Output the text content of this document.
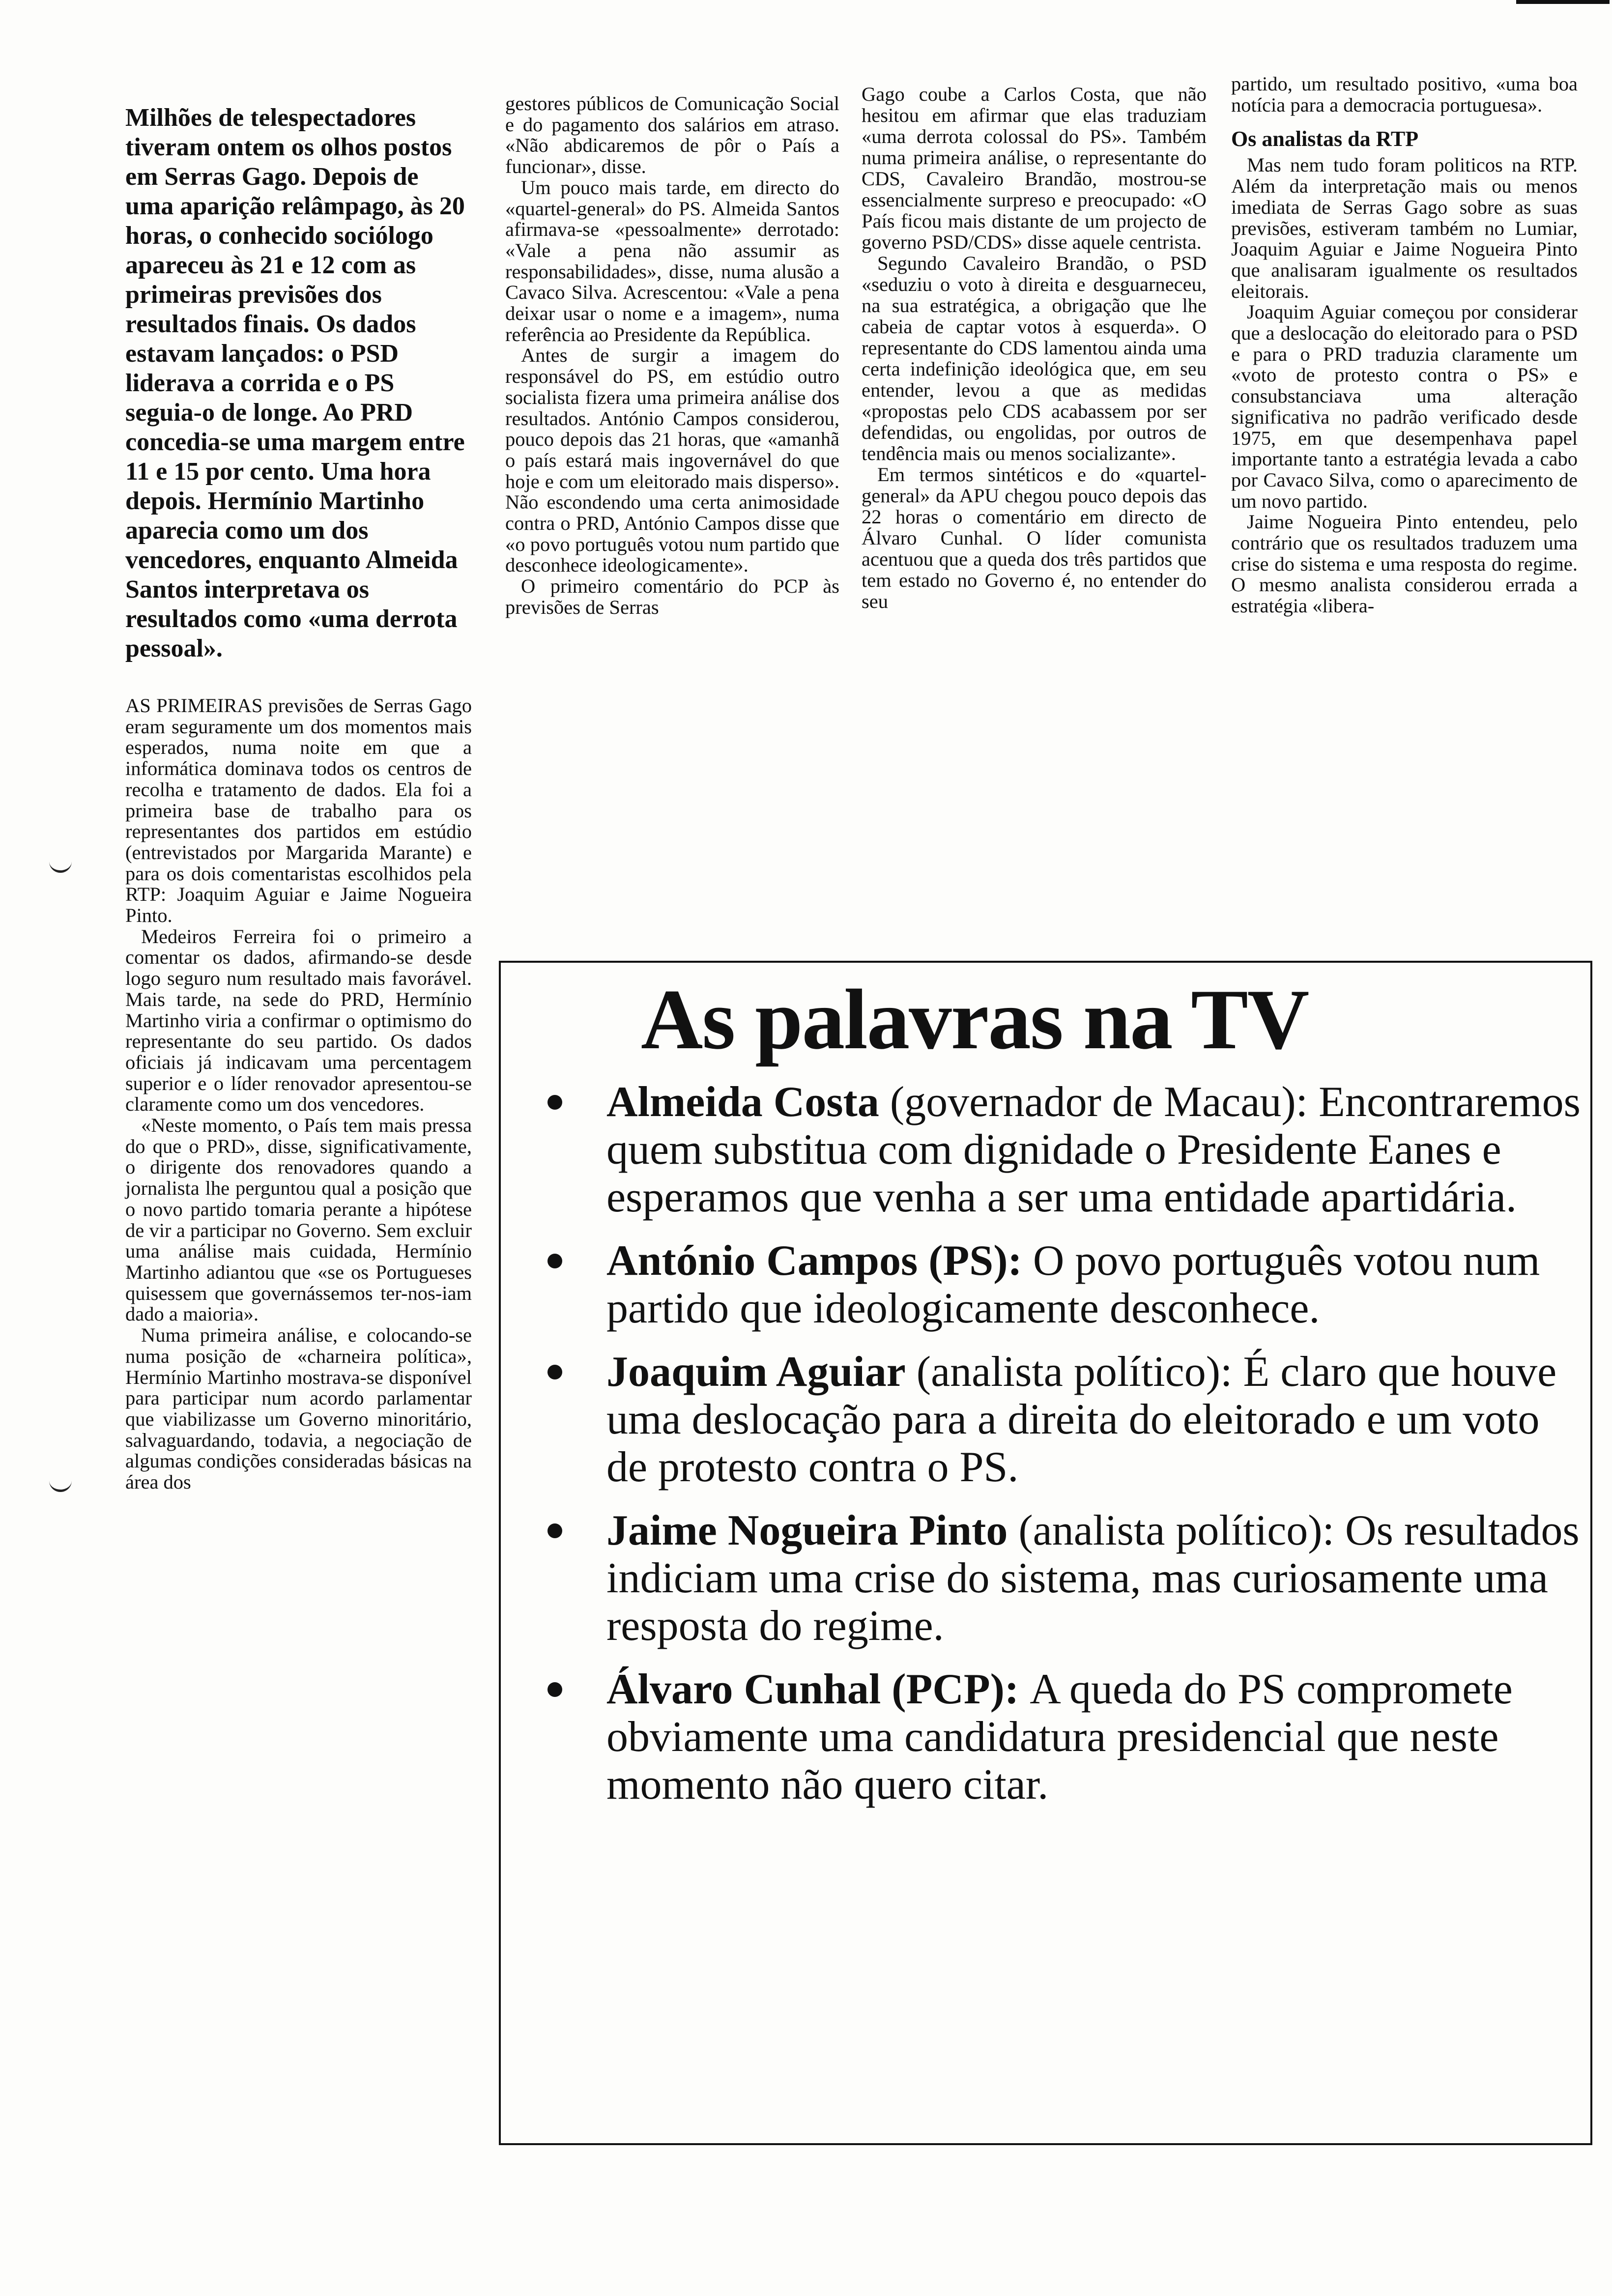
Milhões de telespectadores tiveram ontem os olhos postos em Serras Gago. Depois de uma aparição relâmpago, às 20 horas, o conhecido sociólogo apareceu às 21 e 12 com as primeiras previsões dos resultados finais. Os dados estavam lançados: o PSD liderava a corrida e o PS seguia-o de longe. Ao PRD concedia-se uma margem entre 11 e 15 por cento. Uma hora depois. Hermínio Martinho aparecia como um dos vencedores, enquanto Almeida Santos interpretava os resultados como «uma derrota pessoal».

AS PRIMEIRAS previsões de Serras Gago eram seguramente um dos momentos mais esperados, numa noite em que a informática dominava todos os centros de recolha e tratamento de dados. Ela foi a primeira base de trabalho para os representantes dos partidos em estúdio (entrevistados por Margarida Marante) e para os dois comentaristas escolhidos pela RTP: Joaquim Aguiar e Jaime Nogueira Pinto.

Medeiros Ferreira foi o primeiro a comentar os dados, afirmando-se desde logo seguro num resultado mais favorável. Mais tarde, na sede do PRD, Hermínio Martinho viria a confirmar o optimismo do representante do seu partido. Os dados oficiais já indicavam uma percentagem superior e o líder renovador apresentou-se claramente como um dos vencedores.

«Neste momento, o País tem mais pressa do que o PRD», disse, significativamente, o dirigente dos renovadores quando a jornalista lhe perguntou qual a posição que o novo partido tomaria perante a hipótese de vir a participar no Governo. Sem excluir uma análise mais cuidada, Hermínio Martinho adiantou que «se os Portugueses quisessem que governássemos ter-nos-iam dado a maioria».

Numa primeira análise, e colocando-se numa posição de «charneira política», Hermínio Martinho mostrava-se disponível para participar num acordo parlamentar que viabilizasse um Governo minoritário, salvaguardando, todavia, a negociação de algumas condições consideradas básicas na área dos

gestores públicos de Comunicação Social e do pagamento dos salários em atraso. «Não abdicaremos de pôr o País a funcionar», disse.

Um pouco mais tarde, em directo do «quartel-general» do PS. Almeida Santos afirmava-se «pessoalmente» derrotado: «Vale a pena não assumir as responsabilidades», disse, numa alusão a Cavaco Silva. Acrescentou: «Vale a pena deixar usar o nome e a imagem», numa referência ao Presidente da República.

Antes de surgir a imagem do responsável do PS, em estúdio outro socialista fizera uma primeira análise dos resultados. António Campos considerou, pouco depois das 21 horas, que «amanhã o país estará mais ingovernável do que hoje e com um eleitorado mais disperso». Não escondendo uma certa animosidade contra o PRD, António Campos disse que «o povo português votou num partido que desconhece ideologicamente».

O primeiro comentário do PCP às previsões de Serras

Gago coube a Carlos Costa, que não hesitou em afirmar que elas traduziam «uma derrota colossal do PS». Também numa primeira análise, o representante do CDS, Cavaleiro Brandão, mostrou-se essencialmente surpreso e preocupado: «O País ficou mais distante de um projecto de governo PSD/CDS» disse aquele centrista.

Segundo Cavaleiro Brandão, o PSD «seduziu o voto à direita e desguarneceu, na sua estratégica, a obrigação que lhe cabeia de captar votos à esquerda». O representante do CDS lamentou ainda uma certa indefinição ideológica que, em seu entender, levou a que as medidas «propostas pelo CDS acabassem por ser defendidas, ou engolidas, por outros de tendência mais ou menos socializante».

Em termos sintéticos e do «quartel-general» da APU chegou pouco depois das 22 horas o comentário em directo de Álvaro Cunhal. O líder comunista acentuou que a queda dos três partidos que tem estado no Governo é, no entender do seu

partido, um resultado positivo, «uma boa notícia para a democracia portuguesa».

Os analistas da RTP

Mas nem tudo foram politicos na RTP. Além da interpretação mais ou menos imediata de Serras Gago sobre as suas previsões, estiveram também no Lumiar, Joaquim Aguiar e Jaime Nogueira Pinto que analisaram igualmente os resultados eleitorais.

Joaquim Aguiar começou por considerar que a deslocação do eleitorado para o PSD e para o PRD traduzia claramente um «voto de protesto contra o PS» e consubstanciava uma alteração significativa no padrão verificado desde 1975, em que desempenhava papel importante tanto a estratégia levada a cabo por Cavaco Silva, como o aparecimento de um novo partido.

Jaime Nogueira Pinto entendeu, pelo contrário que os resultados traduzem uma crise do sistema e uma resposta do regime. O mesmo analista considerou errada a estratégia «libera-

As palavras na TV
Almeida Costa (governador de Macau): Encontraremos quem substitua com dignidade o Presidente Eanes e esperamos que venha a ser uma entidade apartidária.
António Campos (PS): O povo português votou num partido que ideologicamente desconhece.
Joaquim Aguiar (analista político): É claro que houve uma deslocação para a direita do eleitorado e um voto de protesto contra o PS.
Jaime Nogueira Pinto (analista político): Os resultados indiciam uma crise do sistema, mas curiosamente uma resposta do regime.
Álvaro Cunhal (PCP): A queda do PS compromete obviamente uma candidatura presidencial que neste momento não quero citar.
